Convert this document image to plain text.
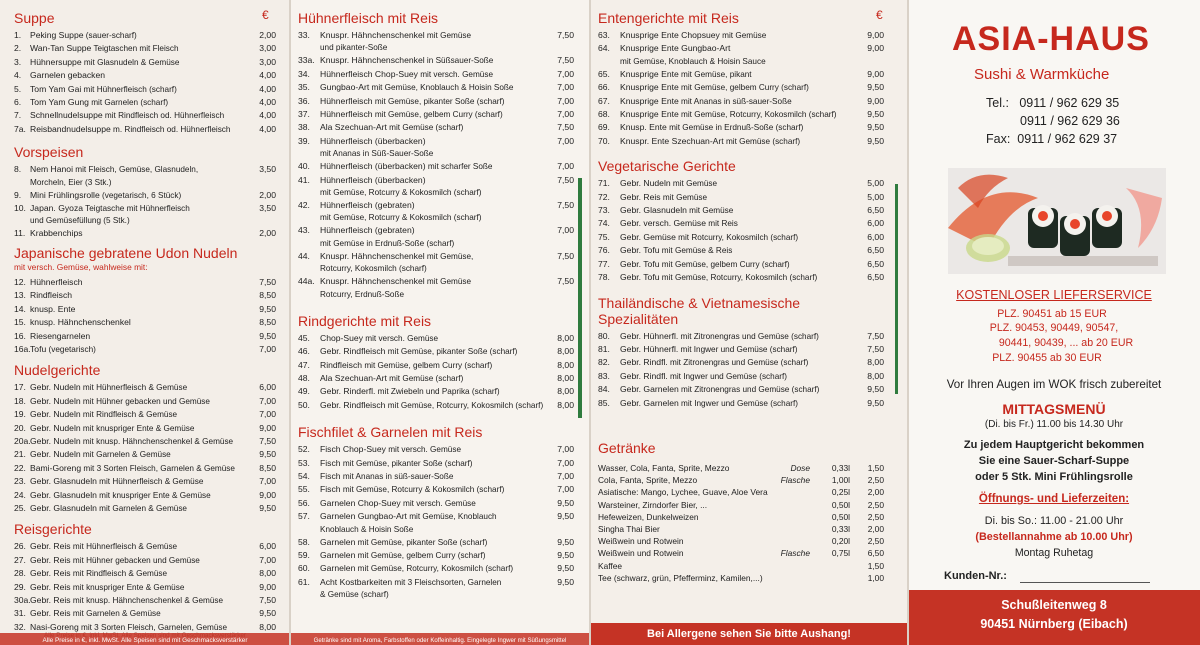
€
Suppe
1.	Peking Suppe (sauer-scharf)	2,00
2.	Wan-Tan Suppe Teigtaschen mit Fleisch	3,00
3.	Hühnersuppe mit Glasnudeln & Gemüse	3,00
4.	Garnelen gebacken	4,00
5.	Tom Yam Gai mit Hühnerfleisch (scharf)	4,00
6.	Tom Yam Gung mit Garnelen (scharf)	4,00
7.	Schnellnudelsuppe mit Rindfleisch od. Hühnerfleisch	4,00
7a. Reisbandnudelsuppe m. Rindfleisch od. Hühnerfleisch	4,00
Vorspeisen
8.	Nem Hanoi mit Fleisch, Gemüse, Glasnudeln,	3,50
Morcheln, Eier (3 Stk.)
9.	Mini Frühlingsrolle (vegetarisch, 6 Stück)	2,00
10. Japan. Gyoza Teigtasche mit Hühnerfleisch	3,50
und Gemüsefüllung (5 Stk.)
11. Krabbenchips	2,00
Japanische gebratene Udon Nudeln
mit versch. Gemüse, wahlweise mit:
12. Hühnerfleisch	7,50
13. Rindfleisch	8,50
14. knusp. Ente	9,50
15. knusp. Hähnchenschenkel	8,50
16. Riesengarnelen	9,50
16a. Tofu (vegetarisch)	7,00
Nudelgerichte
17. Gebr. Nudeln mit Hühnerfleisch & Gemüse	6,00
18. Gebr. Nudeln mit Hühner gebacken und Gemüse	7,00
19. Gebr. Nudeln mit Rindfleisch & Gemüse	7,00
20. Gebr. Nudeln mit knuspriger Ente & Gemüse	9,00
20a. Gebr. Nudeln mit knusp. Hähnchenschenkel & Gemüse	7,50
21. Gebr. Nudeln mit Garnelen & Gemüse	9,50
22. Bami-Goreng mit 3 Sorten Fleisch, Garnelen & Gemüse	8,50
23. Gebr. Glasnudeln mit Hühnerfleisch & Gemüse	7,00
24. Gebr. Glasnudeln mit knuspriger Ente & Gemüse	9,00
25. Gebr. Glasnudeln mit Garnelen & Gemüse	9,50
Reisgerichte
26. Gebr. Reis mit Hühnerfleisch & Gemüse	6,00
27. Gebr. Reis mit Hühner gebacken und Gemüse	7,00
28. Gebr. Reis mit Rindfleisch & Gemüse	8,00
29. Gebr. Reis mit knuspriger Ente & Gemüse	9,00
30a. Gebr. Reis mit knusp. Hähnchenschenkel & Gemüse	7,50
31. Gebr. Reis mit Garnelen & Gemüse	9,50
32. Nasi-Goreng mit 3 Sorten Fleisch, Garnelen, Gemüse	8,00
Alle Preise in €, inkl. MwSt. Alle Speisen sind mit Geschmacksverstärker
Hühnerfleisch mit Reis
33.	Knuspr. Hähnchenschenkel mit Gemüse	7,50
und pikanter-Soße
33a. Knuspr. Hähnchenschenkel in Süßsauer-Soße	7,50
34.	Hühnerfleisch Chop-Suey mit versch. Gemüse	7,00
35.	Gungbao-Art mit Gemüse, Knoblauch & Hoisin Soße	7,00
36.	Hühnerfleisch mit Gemüse, pikanter Soße (scharf)	7,00
37.	Hühnerfleisch mit Gemüse, gelbem Curry (scharf)	7,00
38.	Ala Szechuan-Art mit Gemüse (scharf)	7,50
39.	Hühnerfleisch (überbacken)	7,00
mit Ananas in Süß-Sauer-Soße
40.	Hühnerfleisch (überbacken) mit scharfer Soße	7,00
41.	Hühnerfleisch (überbacken)	7,50
mit Gemüse, Rotcurry & Kokosmilch (scharf)
42.	Hühnerfleisch (gebraten)	7,50
mit Gemüse, Rotcurry & Kokosmilch (scharf)
43.	Hühnerfleisch (gebraten)	7,00
mit Gemüse in Erdnuß-Soße (scharf)
44.	Knuspr. Hähnchenschenkel mit Gemüse,	7,50
Rotcurry, Kokosmilch (scharf)
44a. Knuspr. Hähnchenschenkel mit Gemüse	7,50
Rotcurry, Erdnuß-Soße
Rindgerichte mit Reis
45.	Chop-Suey mit versch. Gemüse	8,00
46.	Gebr. Rindfleisch mit Gemüse, pikanter Soße (scharf)	8,00
47.	Rindfleisch mit Gemüse, gelbem Curry (scharf)	8,00
48.	Ala Szechuan-Art mit Gemüse (scharf)	8,00
49.	Gebr. Rinderfl. mit Zwiebeln und Paprika (scharf)	8,00
50.	Gebr. Rindfleisch mit Gemüse, Rotcurry, Kokosmilch (scharf)	8,00
Fischfilet & Garnelen mit Reis
52.	Fisch Chop-Suey mit versch. Gemüse	7,00
53.	Fisch mit Gemüse, pikanter Soße (scharf)	7,00
54.	Fisch mit Ananas in süß-sauer-Soße	7,00
55.	Fisch mit Gemüse, Rotcurry & Kokosmilch (scharf)	7,00
56.	Garnelen Chop-Suey mit versch. Gemüse	9,50
57.	Garnelen Gungbao-Art mit Gemüse, Knoblauch	9,50
Knoblauch & Hoisin Soße
58.	Garnelen mit Gemüse, pikanter Soße (scharf)	9,50
59.	Garnelen mit Gemüse, gelbem Curry (scharf)	9,50
60.	Garnelen mit Gemüse, Rotcurry, Kokosmilch (scharf)	9,50
61.	Acht Kostbarkeiten mit 3 Fleischsorten, Garnelen	9,50
& Gemüse (scharf)
Getränke sind mit Aroma, Farbstoffen oder Koffeinhaltig. Eingelegte Ingwer mit Süßungsmittel
€
Entengerichte mit Reis
63.	Knusprige Ente Chopsuey mit Gemüse	9,00
64.	Knusprige Ente Gungbao-Art	9,00
mit Gemüse, Knoblauch & Hoisin Sauce
65.	Knusprige Ente mit Gemüse, pikant	9,00
66.	Knusprige Ente mit Gemüse, gelbem Curry (scharf)	9,50
67.	Knusprige Ente mit Ananas in süß-sauer-Soße	9,00
68.	Knusprige Ente mit Gemüse, Rotcurry, Kokosmilch (scharf)	9,50
69.	Knusp. Ente mit Gemüse in Erdnuß-Soße (scharf)	9,50
70.	Knuspr. Ente Szechuan-Art mit Gemüse (scharf)	9,50
Vegetarische Gerichte
71.	Gebr. Nudeln mit Gemüse	5,00
72.	Gebr. Reis mit Gemüse	5,00
73.	Gebr. Glasnudeln mit Gemüse	6,50
74.	Gebr. versch. Gemüse mit Reis	6,00
75.	Gebr. Gemüse mit Rotcurry, Kokosmilch (scharf)	6,00
76.	Gebr. Tofu mit Gemüse & Reis	6,50
77.	Gebr. Tofu mit Gemüse, gelbem Curry (scharf)	6,50
78.	Gebr. Tofu mit Gemüse, Rotcurry, Kokosmilch (scharf)	6,50
Thailändische & Vietnamesische
Spezialitäten
80.	Gebr. Hühnerfl. mit Zitronengras und Gemüse (scharf)	7,50
81.	Gebr. Hühnerfl. mit Ingwer und Gemüse (scharf)	7,50
82.	Gebr. Rindfl. mit Zitronengras und Gemüse (scharf)	8,00
83.	Gebr. Rindfl. mit Ingwer und Gemüse (scharf)	8,00
84.	Gebr. Garnelen mit Zitronengras und Gemüse (scharf)	9,50
85.	Gebr. Garnelen mit Ingwer und Gemüse (scharf)	9,50
Getränke
Wasser, Cola, Fanta, Sprite, Mezzo	Dose	0,33l	1,50
Cola, Fanta, Sprite, Mezzo	Flasche	1,00l	2,50
Asiatische: Mango, Lychee, Guave, Aloe Vera	0,25l	2,00
Warsteiner, Zirndorfer Bier, ...	0,50l	2,50
Hefeweizen, Dunkelweizen	0,50l	2,50
Singha Thai Bier	0,33l	2,00
Weißwein und Rotwein	0,20l	2,50
Weißwein und Rotwein	Flasche	0,75l	6,50
Kaffee	1,50
Tee (schwarz, grün, Pfefferminz, Kamilen,...)	1,00
Bei Allergene sehen Sie bitte Aushang!
ASIA-HAUS
Sushi & Warmküche
Tel.: 0911 / 962 629 35
0911 / 962 629 36
Fax: 0911 / 962 629 37
KOSTENLOSER LIEFERSERVICE
PLZ. 90451 ab 15 EUR
PLZ. 90453, 90449, 90547,
90441, 90439, ... ab 20 EUR
PLZ. 90455 ab 30 EUR
Vor Ihren Augen im WOK frisch zubereitet
MITTAGSMENÜ
(Di. bis Fr.) 11.00 bis 14.30 Uhr
Zu jedem Hauptgericht bekommen
Sie eine Sauer-Scharf-Suppe
oder 5 Stk. Mini Frühlingsrolle
Öffnungs- und Lieferzeiten:
Di. bis So.: 11.00 - 21.00 Uhr
(Bestellannahme ab 10.00 Uhr)
Montag Ruhetag
Kunden-Nr.:
Schußleitenweg 8
90451 Nürnberg (Eibach)
